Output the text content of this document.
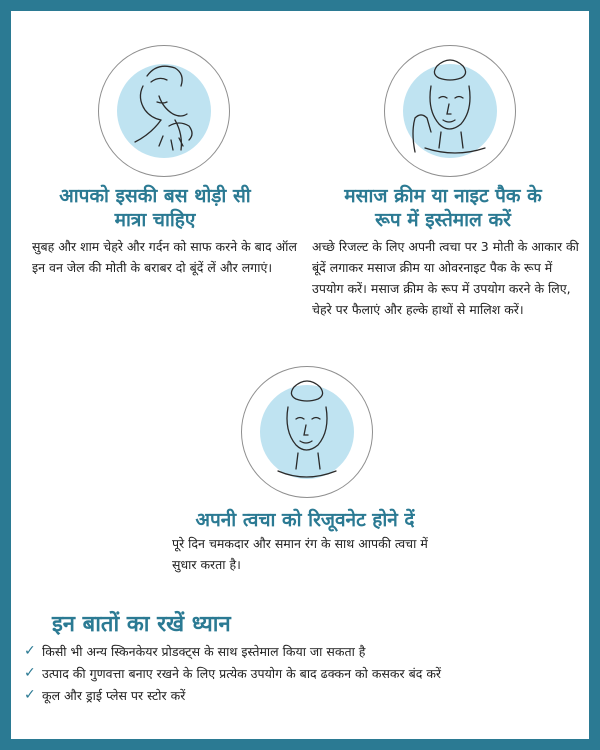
आपको इसकी बस थोड़ी सी
मात्रा चाहिए
सुबह और शाम चेहरे और गर्दन को साफ करने के बाद ऑल इन वन जेल की मोती के बराबर दो बूंदें लें और लगाएं।
मसाज क्रीम या नाइट पैक के
रूप में इस्तेमाल करें
अच्छे रिजल्ट के लिए अपनी त्वचा पर 3 मोती के आकार की बूंदें लगाकर मसाज क्रीम या ओवरनाइट पैक के रूप में उपयोग करें। मसाज क्रीम के रूप में उपयोग करने के लिए, चेहरे पर फैलाएं और हल्के हाथों से मालिश करें।
अपनी त्वचा को रिजूवनेट होने दें
पूरे दिन चमकदार और समान रंग के साथ आपकी त्वचा में सुधार करता है।
इन बातों का रखें ध्यान
✓ किसी भी अन्य स्किनकेयर प्रोडक्ट्स के साथ इस्तेमाल किया जा सकता है
✓ उत्पाद की गुणवत्ता बनाए रखने के लिए प्रत्येक उपयोग के बाद ढक्कन को कसकर बंद करें
✓ कूल और ड्राई प्लेस पर स्टोर करें
